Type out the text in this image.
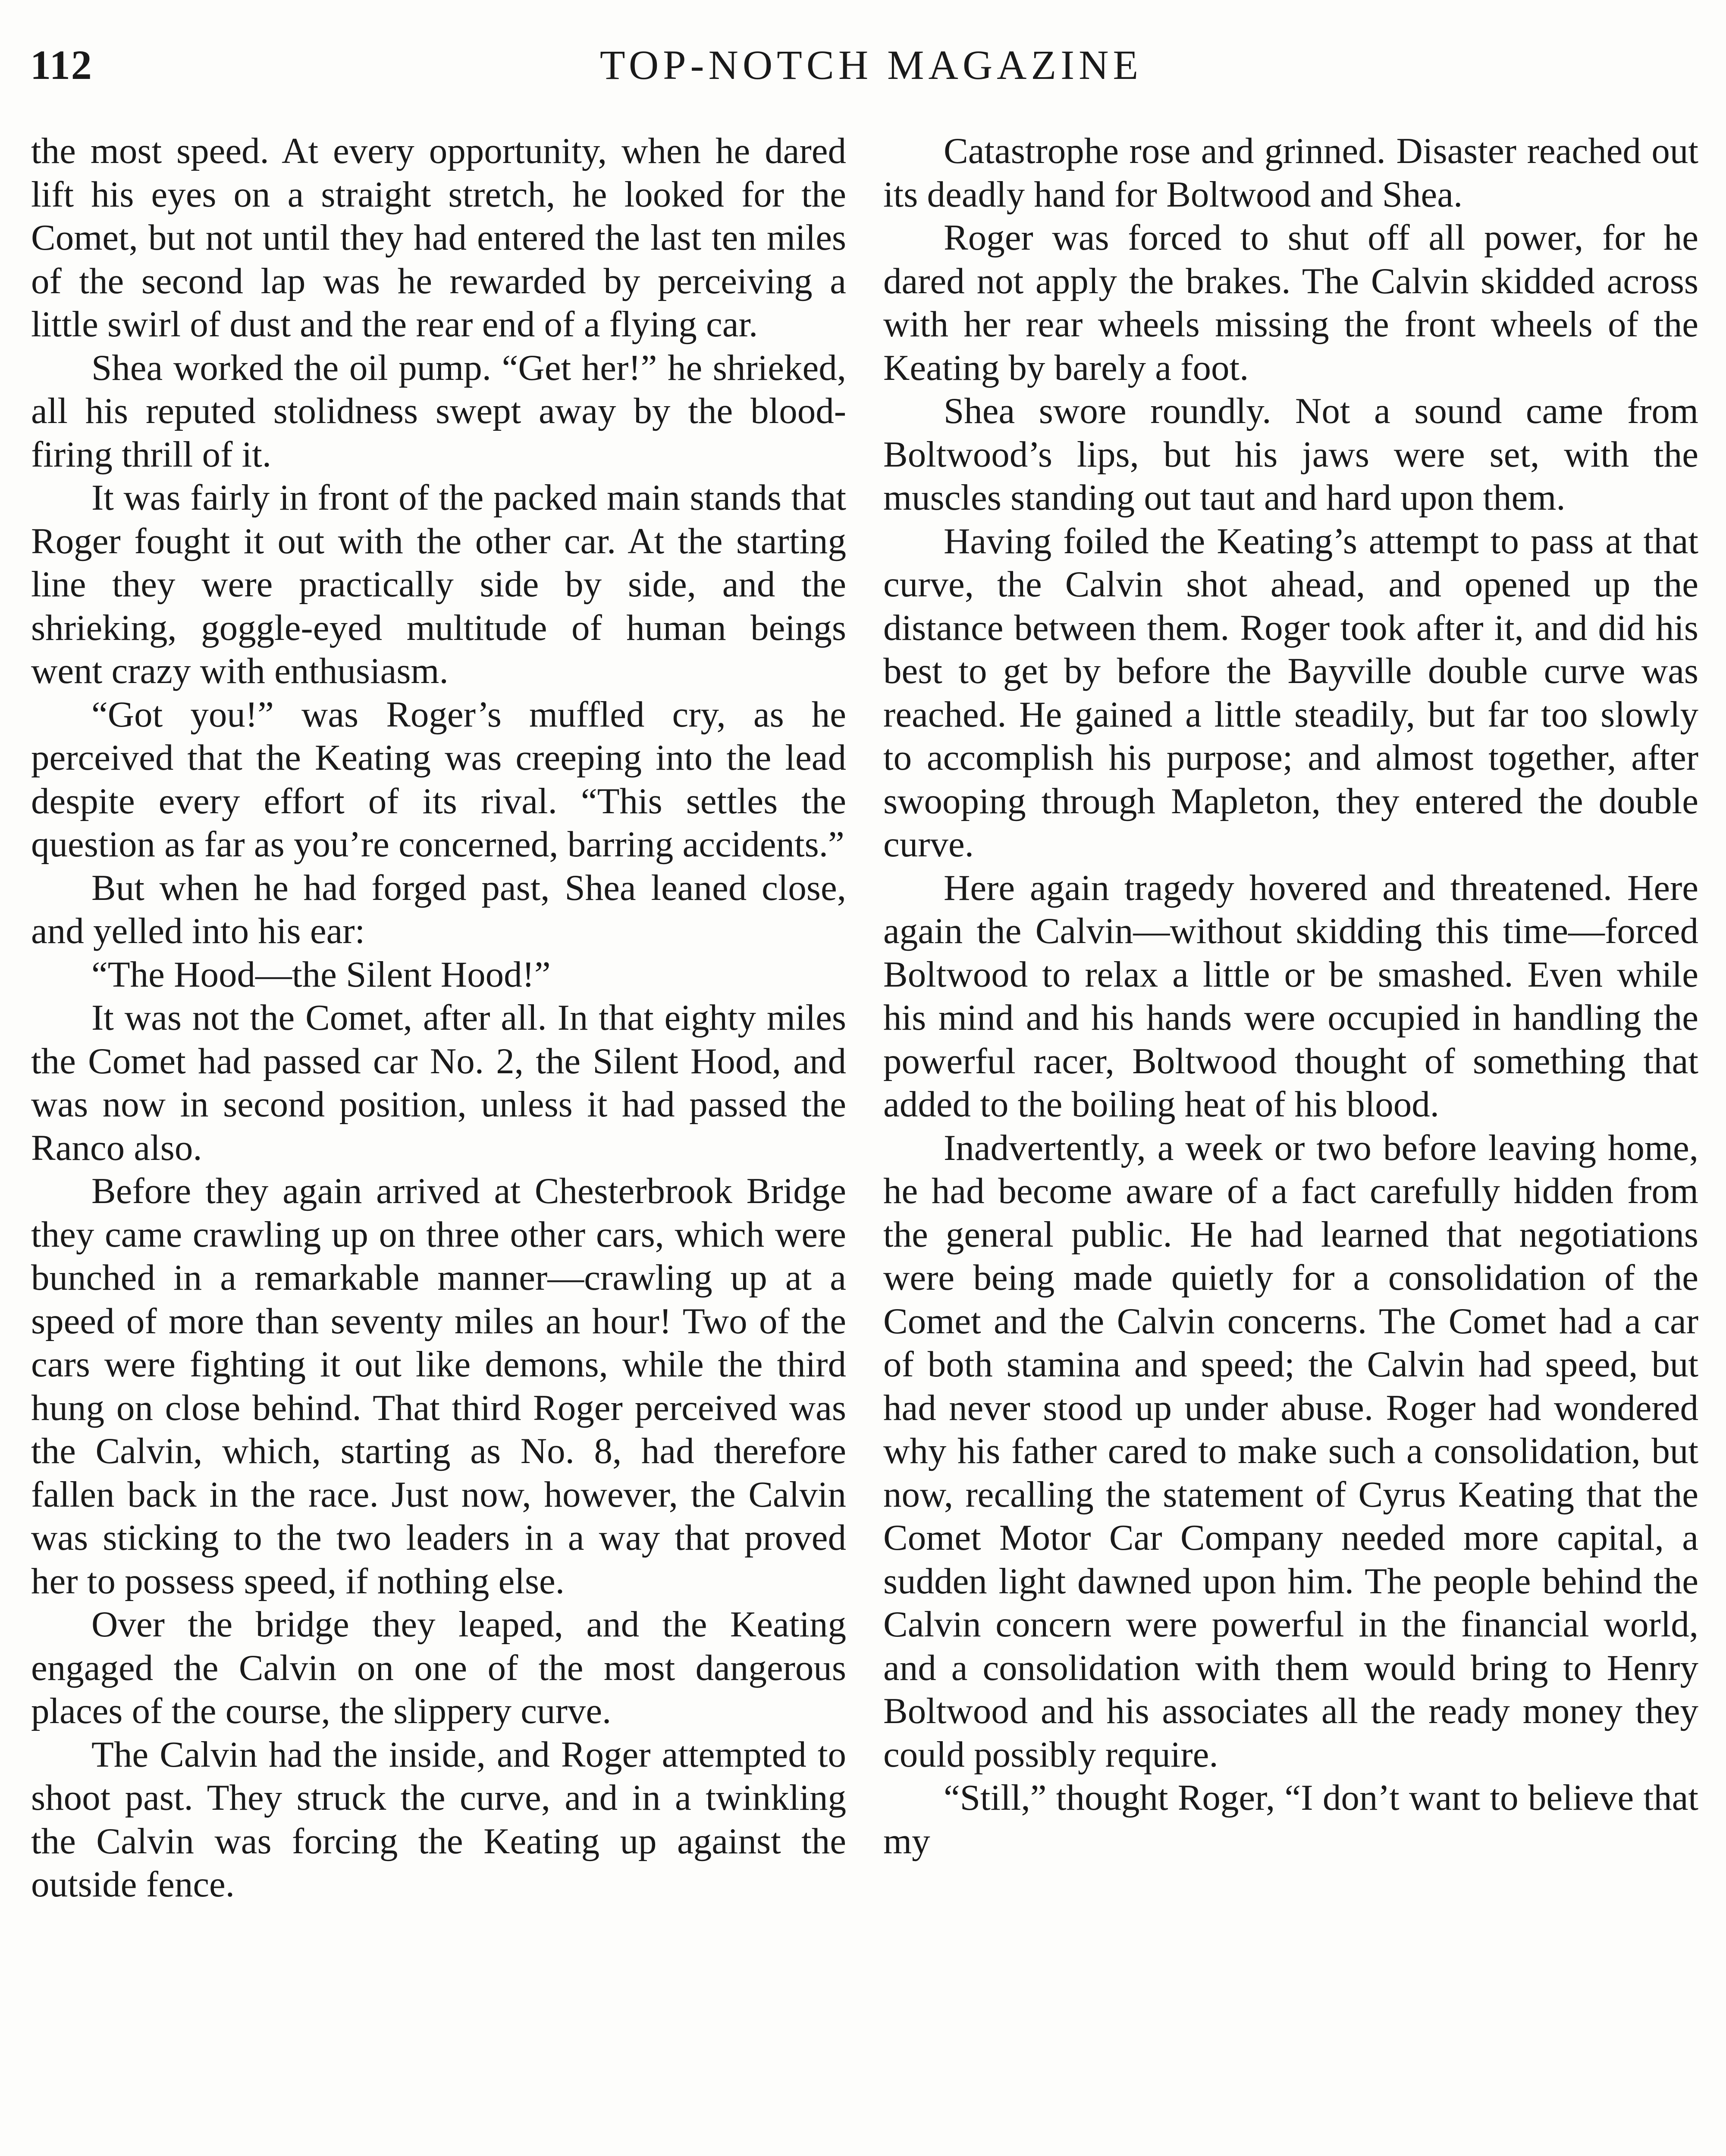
112	TOP-NOTCH MAGAZINE

the most speed. At every opportunity, when he dared lift his eyes on a straight stretch, he looked for the Comet, but not until they had entered the last ten miles of the second lap was he rewarded by perceiving a little swirl of dust and the rear end of a flying car.

Shea worked the oil pump. “Get her!” he shrieked, all his reputed stolidness swept away by the blood-firing thrill of it.

It was fairly in front of the packed main stands that Roger fought it out with the other car. At the starting line they were practically side by side, and the shrieking, goggle-eyed multitude of human beings went crazy with enthusiasm.

“Got you!” was Roger’s muffled cry, as he perceived that the Keating was creeping into the lead despite every effort of its rival. “This settles the question as far as you’re concerned, barring accidents.”

But when he had forged past, Shea leaned close, and yelled into his ear:

“The Hood—the Silent Hood!”

It was not the Comet, after all. In that eighty miles the Comet had passed car No. 2, the Silent Hood, and was now in second position, unless it had passed the Ranco also.

Before they again arrived at Chesterbrook Bridge they came crawling up on three other cars, which were bunched in a remarkable manner—crawling up at a speed of more than seventy miles an hour! Two of the cars were fighting it out like demons, while the third hung on close behind. That third Roger perceived was the Calvin, which, starting as No. 8, had therefore fallen back in the race. Just now, however, the Calvin was sticking to the two leaders in a way that proved her to possess speed, if nothing else.

Over the bridge they leaped, and the Keating engaged the Calvin on one of the most dangerous places of the course, the slippery curve.

The Calvin had the inside, and Roger attempted to shoot past. They struck the curve, and in a twinkling the Calvin was forcing the Keating up against the outside fence.

Catastrophe rose and grinned. Disaster reached out its deadly hand for Boltwood and Shea.

Roger was forced to shut off all power, for he dared not apply the brakes. The Calvin skidded across with her rear wheels missing the front wheels of the Keating by barely a foot.

Shea swore roundly. Not a sound came from Boltwood’s lips, but his jaws were set, with the muscles standing out taut and hard upon them.

Having foiled the Keating’s attempt to pass at that curve, the Calvin shot ahead, and opened up the distance between them. Roger took after it, and did his best to get by before the Bayville double curve was reached. He gained a little steadily, but far too slowly to accomplish his purpose; and almost together, after swooping through Mapleton, they entered the double curve.

Here again tragedy hovered and threatened. Here again the Calvin—without skidding this time—forced Boltwood to relax a little or be smashed. Even while his mind and his hands were occupied in handling the powerful racer, Boltwood thought of something that added to the boiling heat of his blood.

Inadvertently, a week or two before leaving home, he had become aware of a fact carefully hidden from the general public. He had learned that negotiations were being made quietly for a consolidation of the Comet and the Calvin concerns. The Comet had a car of both stamina and speed; the Calvin had speed, but had never stood up under abuse. Roger had wondered why his father cared to make such a consolidation, but now, recalling the statement of Cyrus Keating that the Comet Motor Car Company needed more capital, a sudden light dawned upon him. The people behind the Calvin concern were powerful in the financial world, and a consolidation with them would bring to Henry Boltwood and his associates all the ready money they could possibly require.

“Still,” thought Roger, “I don’t want to believe that my
